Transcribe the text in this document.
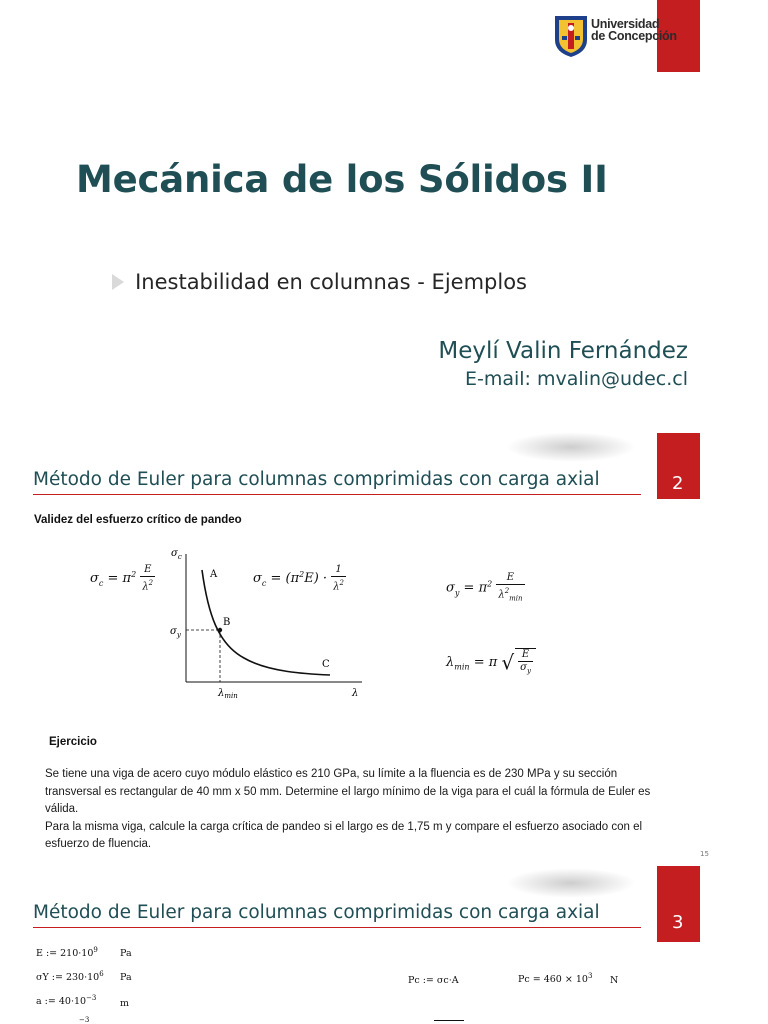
Universidad
de Concepción
Mecánica de los Sólidos II
Inestabilidad en columnas - Ejemplos
Meylí Valin Fernández
E-mail: mvalin@udec.cl
2
Método de Euler para columnas comprimidas con carga axial
Validez del esfuerzo crítico de pandeo
$\sigma_c = \pi^2 \frac{E}{\lambda^2}$	$\sigma_c = (\pi^2E) \cdot \frac{1}{\lambda^2}$	$\sigma_y = \pi^2 \frac{E}{\lambda^2_{min}}$
$\lambda_{min} = \pi$ √ $\frac{E}{\sigma_y}$
$\sigma_c$
$\sigma_y$
A
B
C
$\lambda_{min}$	λ
Ejercicio

Se tiene una viga de acero cuyo módulo elástico es 210 GPa, su límite a la fluencia es de 230 MPa y su sección

transversal es rectangular de 40 mm x 50 mm. Determine el largo mínimo de la viga para el cuál la fórmula de Euler es

válida.

Para la misma viga, calcule la carga crítica de pandeo si el largo es de 1,75 m y compare el esfuerzo asociado con el

esfuerzo de fluencia.

15
3
Método de Euler para columnas comprimidas con carga axial
E := $210\cdot 10^9$ Pa
σY := $230\cdot 10^6$ Pa
a := $40\cdot 10^{-3}$ m
$^{-3}$
Pc := σc·A	$Pc = 460 \times 10^3$ N
